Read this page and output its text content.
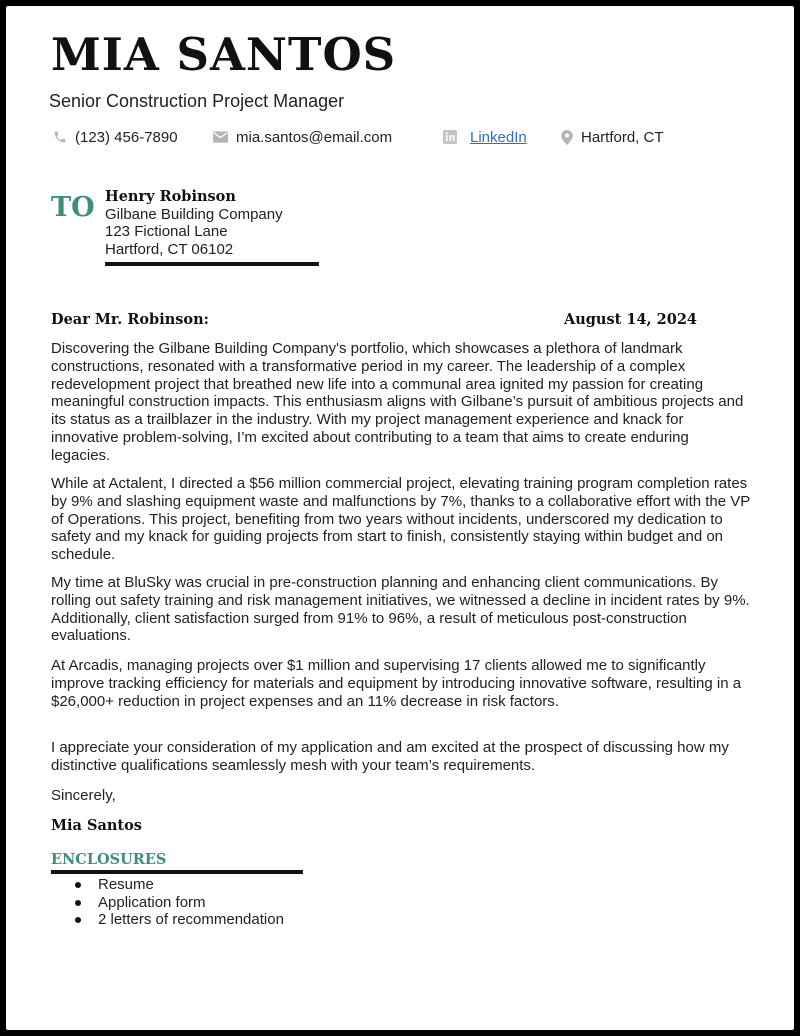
MIA SANTOS
Senior Construction Project Manager
(123) 456-7890	mia.santos@email.com	LinkedIn	Hartford, CT
TO Henry Robinson
Gilbane Building Company
123 Fictional Lane
Hartford, CT 06102
Dear Mr. Robinson:	August 14, 2024

Discovering the Gilbane Building Company's portfolio, which showcases a plethora of landmark constructions, resonated with a transformative period in my career. The leadership of a complex redevelopment project that breathed new life into a communal area ignited my passion for creating meaningful construction impacts. This enthusiasm aligns with Gilbane’s pursuit of ambitious projects and its status as a trailblazer in the industry. With my project management experience and knack for innovative problem-solving, I’m excited about contributing to a team that aims to create enduring legacies.

While at Actalent, I directed a $56 million commercial project, elevating training program completion rates by 9% and slashing equipment waste and malfunctions by 7%, thanks to a collaborative effort with the VP of Operations. This project, benefiting from two years without incidents, underscored my dedication to safety and my knack for guiding projects from start to finish, consistently staying within budget and on schedule.

My time at BluSky was crucial in pre-construction planning and enhancing client communications. By rolling out safety training and risk management initiatives, we witnessed a decline in incident rates by 9%. Additionally, client satisfaction surged from 91% to 96%, a result of meticulous post-construction evaluations.

At Arcadis, managing projects over $1 million and supervising 17 clients allowed me to significantly improve tracking efficiency for materials and equipment by introducing innovative software, resulting in a $26,000+ reduction in project expenses and an 11% decrease in risk factors.

I appreciate your consideration of my application and am excited at the prospect of discussing how my distinctive qualifications seamlessly mesh with your team’s requirements.

Sincerely,
Mia Santos
ENCLOSURES
Resume
Application form
2 letters of recommendation
